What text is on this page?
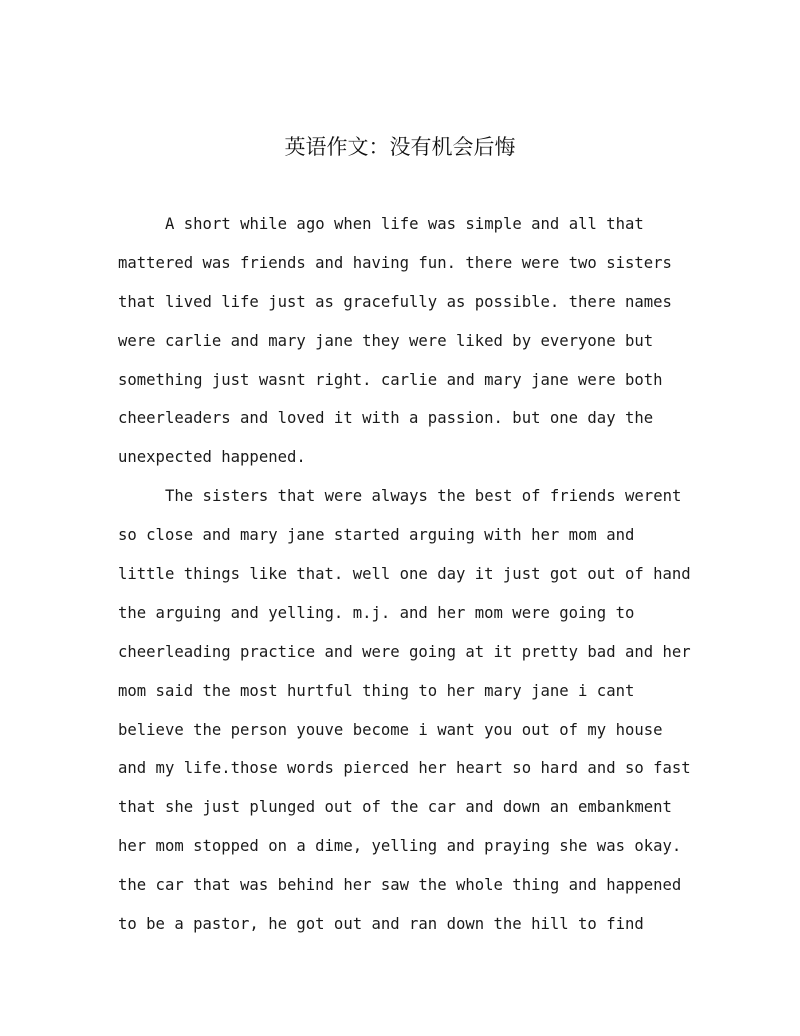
英语作文：没有机会后悔
A short while ago when life was simple and all that
mattered was friends and having fun. there were two sisters
that lived life just as gracefully as possible. there names
were carlie and mary jane they were liked by everyone but
something just wasnt right. carlie and mary jane were both
cheerleaders and loved it with a passion. but one day the
unexpected happened.
The sisters that were always the best of friends werent
so close and mary jane started arguing with her mom and
little things like that. well one day it just got out of hand
the arguing and yelling. m.j. and her mom were going to
cheerleading practice and were going at it pretty bad and her
mom said the most hurtful thing to her mary jane i cant
believe the person youve become i want you out of my house
and my life.those words pierced her heart so hard and so fast
that she just plunged out of the car and down an embankment
her mom stopped on a dime, yelling and praying she was okay.
the car that was behind her saw the whole thing and happened
to be a pastor, he got out and ran down the hill to find
